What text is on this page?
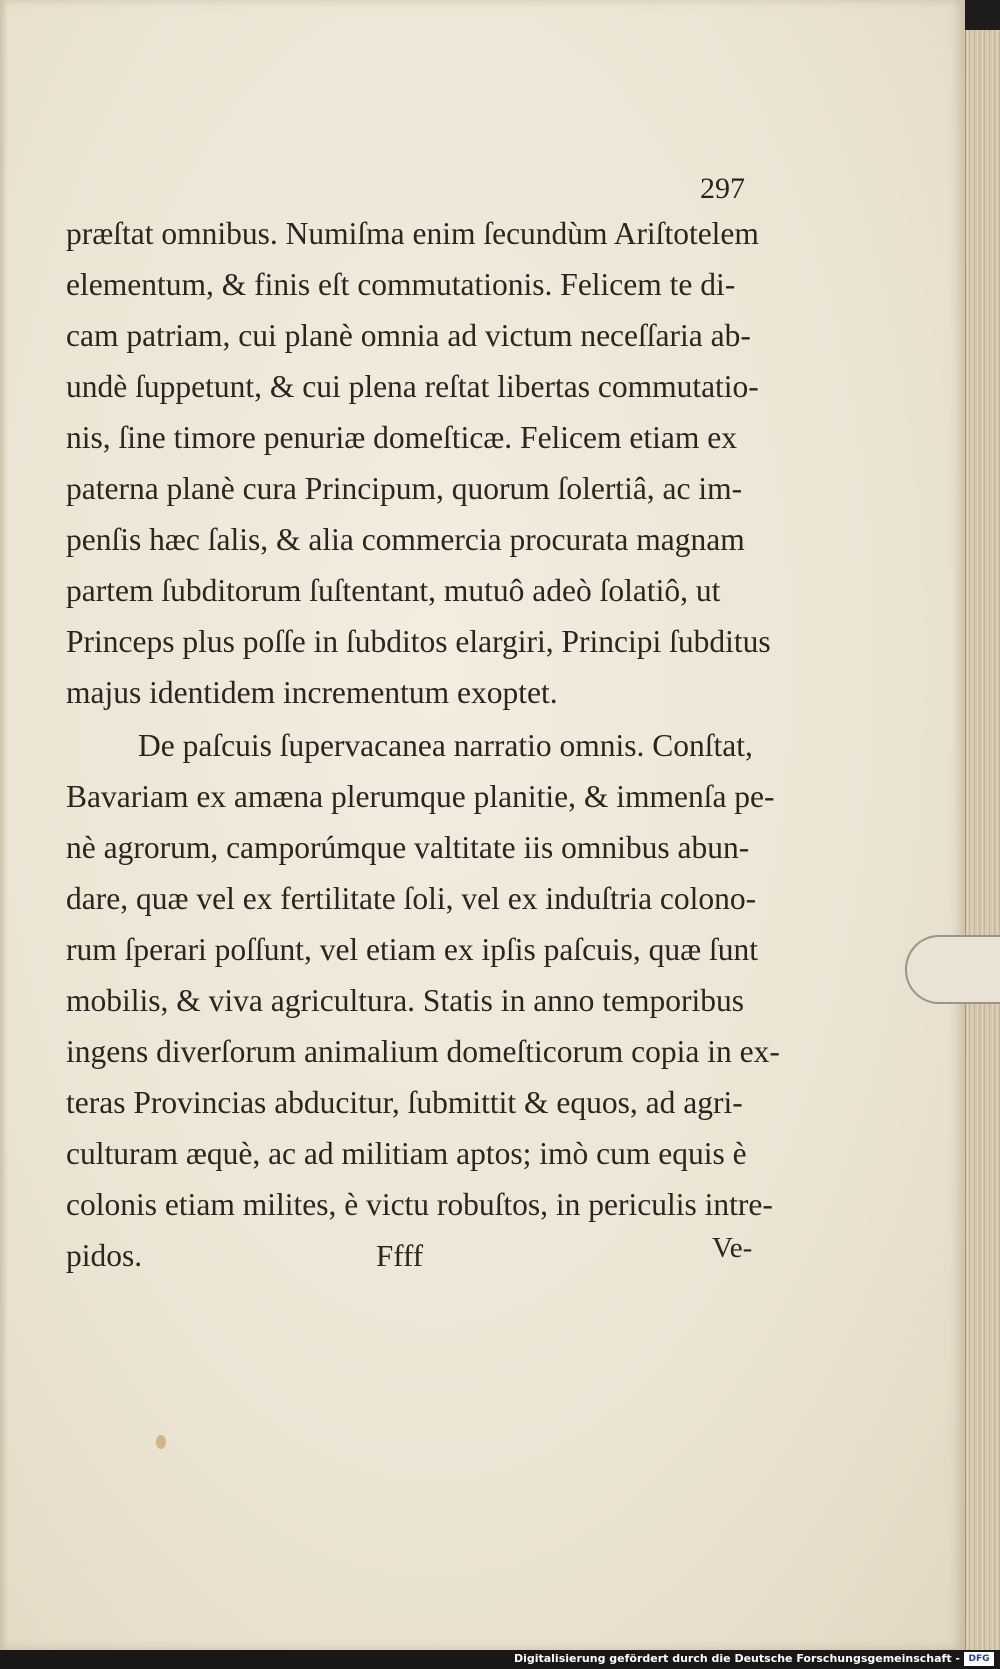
297
præſtat omnibus. Numiſma enim ſecundùm Ariſtotelem
elementum, & finis eſt commutationis. Felicem te di-
cam patriam, cui planè omnia ad victum neceſſaria ab-
undè ſuppetunt, & cui plena reſtat libertas commutatio-
nis, ſine timore penuriæ domeſticæ. Felicem etiam ex
paterna planè cura Principum, quorum ſolertiâ, ac im-
penſis hæc ſalis, & alia commercia procurata magnam
partem ſubditorum ſuſtentant, mutuô adeò ſolatiô, ut
Princeps plus poſſe in ſubditos elargiri, Principi ſubditus
majus identidem incrementum exoptet.
De paſcuis ſupervacanea narratio omnis. Conſtat,
Bavariam ex amæna plerumque planitie, & immenſa pe-
nè agrorum, camporúmque valtitate iis omnibus abun-
dare, quæ vel ex fertilitate ſoli, vel ex induſtria colono-
rum ſperari poſſunt, vel etiam ex ipſis paſcuis, quæ ſunt
mobilis, & viva agricultura. Statis in anno temporibus
ingens diverſorum animalium domeſticorum copia in ex-
teras Provincias abducitur, ſubmittit & equos, ad agri-
culturam æquè, ac ad militiam aptos; imò cum equis è
colonis etiam milites, è victu robuſtos, in periculis intre-
pidos.	Ffff	Ve-
Digitalisierung gefördert durch die Deutsche Forschungsgemeinschaft - DFG
